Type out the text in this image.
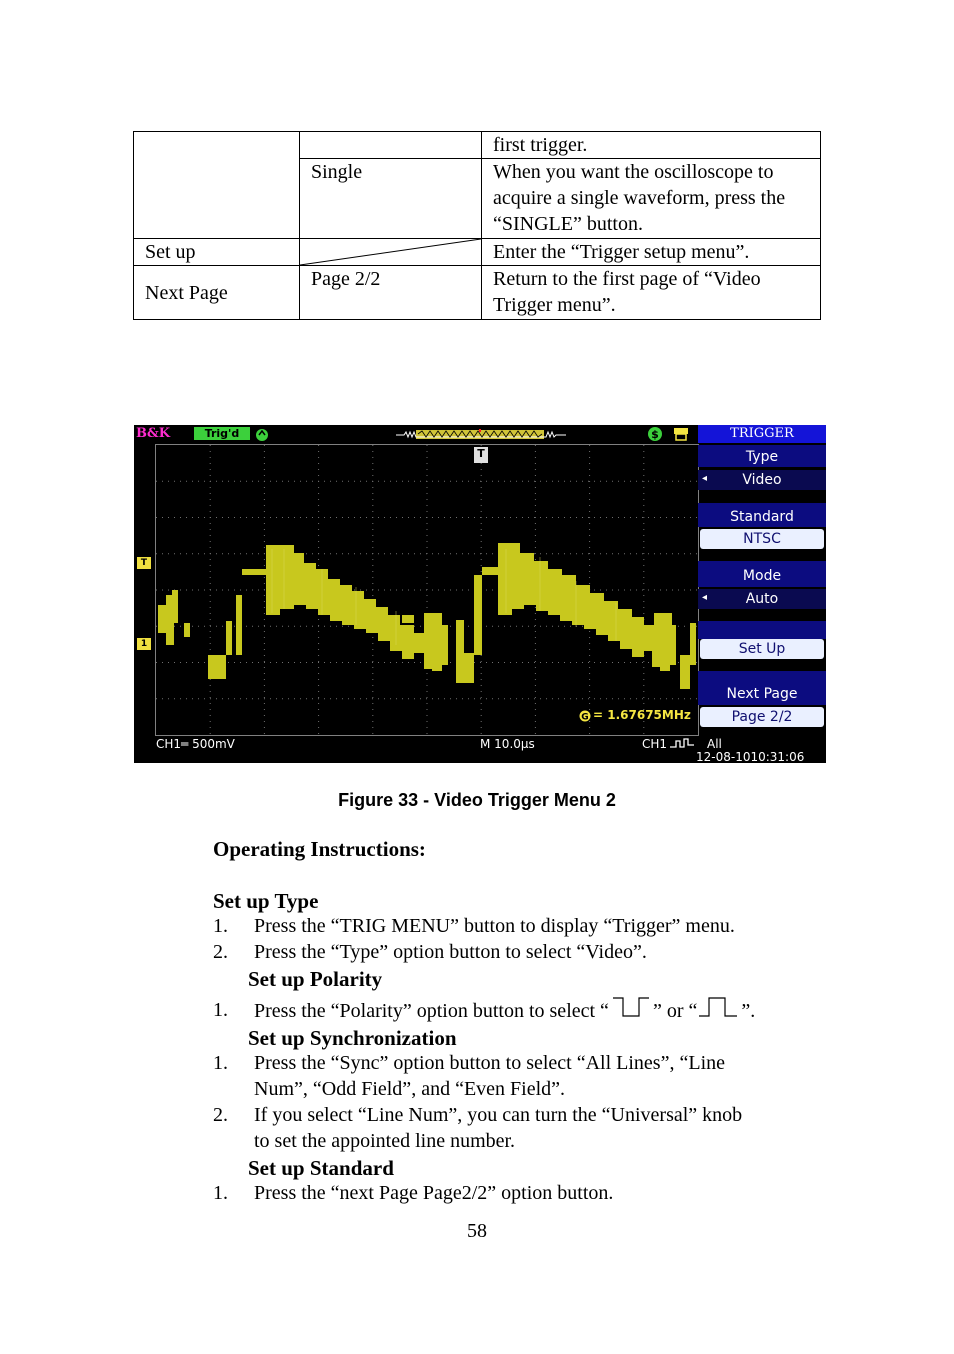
		first trigger.
	Single	When you want the oscilloscope to acquire a single waveform, press the “SINGLE” button.
Set up		Enter the “Trigger setup menu”.
Next Page	Page 2/2	Return to the first page of “Video Trigger menu”.
B&K	Trig'd	$
T
T
1
G = 1.67675MHz
CH1═ 500mV	M 10.0μs	CH1	All
12-08-1010:31:06
TRIGGER
Type
Video
◂
Standard
NTSC
Mode
Auto
◂
Set Up
Next Page
Page 2/2
Figure 33 - Video Trigger Menu 2
Operating Instructions:
Set up Type
1. Press the “TRIG MENU” button to display “Trigger” menu.
2. Press the “Type” option button to select “Video”.
Set up Polarity
1. Press the “Polarity” option button to select “ ” or “ ”.
Set up Synchronization
1. Press the “Sync” option button to select “All Lines”, “Line
Num”, “Odd Field”, and “Even Field”.
2. If you select “Line Num”, you can turn the “Universal” knob
to set the appointed line number.
Set up Standard
1. Press the “next Page Page2/2” option button.
58
